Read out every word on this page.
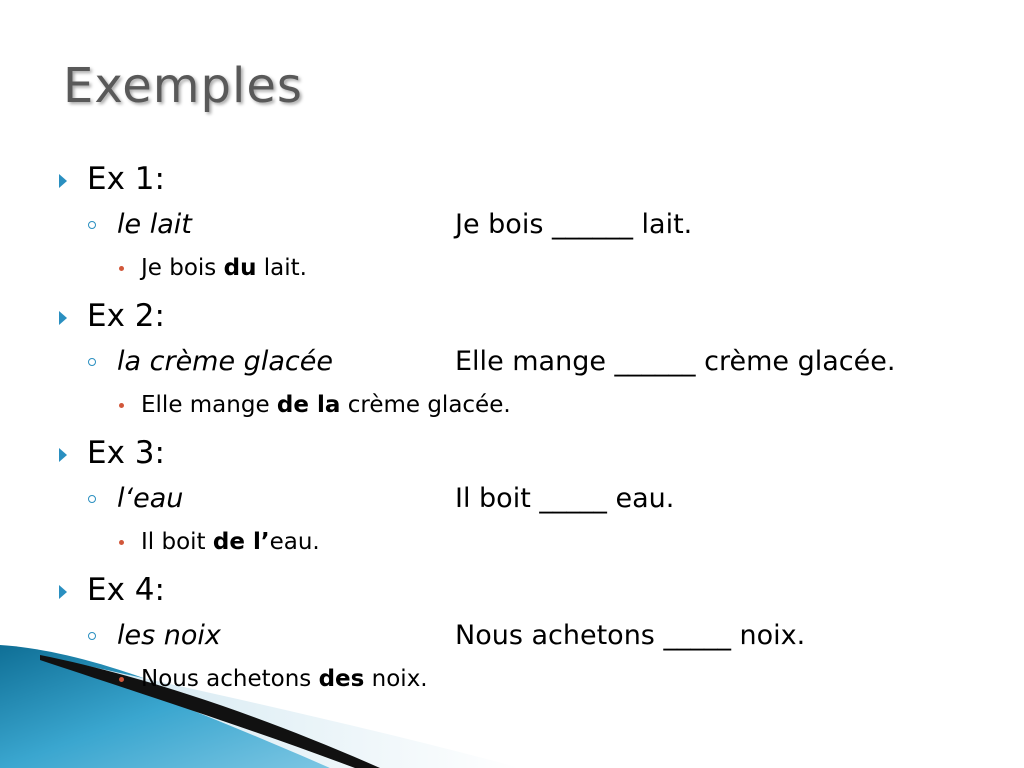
Exemples
Ex 1:
le lait	Je bois ______ lait.
Je bois du lait.
Ex 2:
la crème glacée	Elle mange ______ crème glacée.
Elle mange de la crème glacée.
Ex 3:
l‘eau	Il boit _____ eau.
Il boit de l’eau.
Ex 4:
les noix	Nous achetons _____ noix.
Nous achetons des noix.
